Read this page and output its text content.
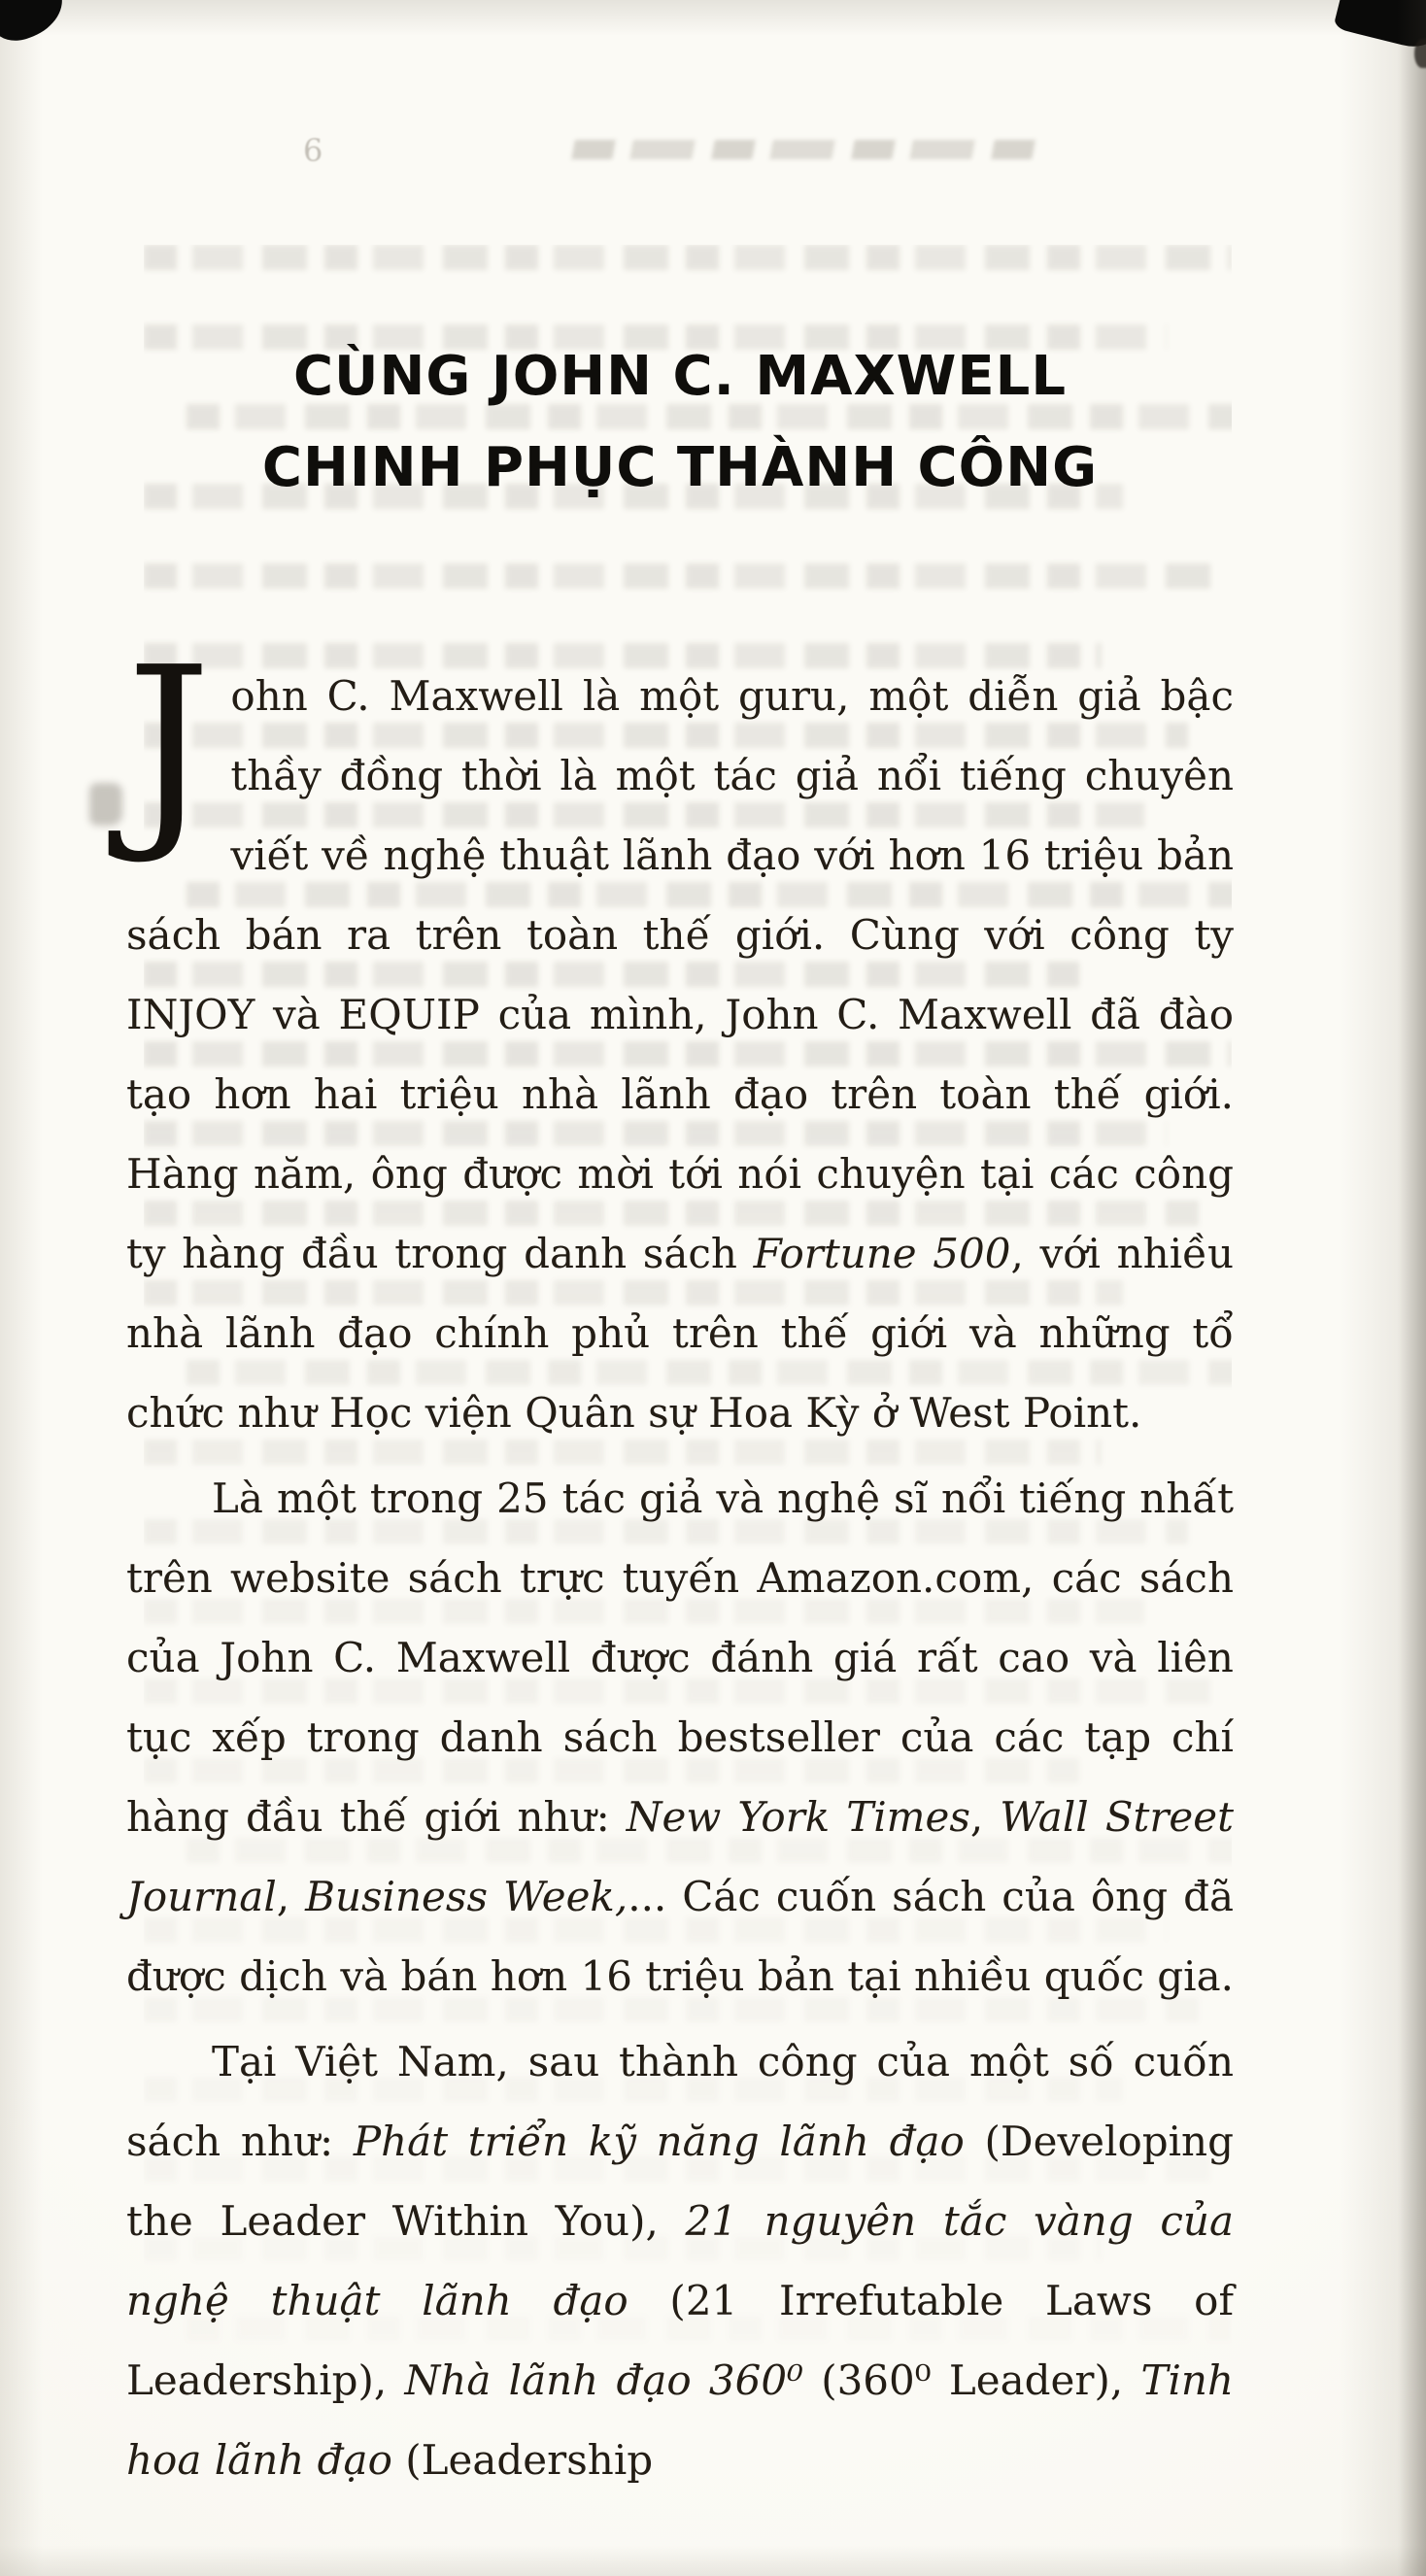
6
CÙNG JOHN C. MAXWELL
CHINH PHỤC THÀNH CÔNG

John C. Maxwell là một guru, một diễn giả bậc thầy đồng thời là một tác giả nổi tiếng chuyên viết về nghệ thuật lãnh đạo với hơn 16 triệu bản sách bán ra trên toàn thế giới. Cùng với công ty INJOY và EQUIP của mình, John C. Maxwell đã đào tạo hơn hai triệu nhà lãnh đạo trên toàn thế giới. Hàng năm, ông được mời tới nói chuyện tại các công ty hàng đầu trong danh sách Fortune 500, với nhiều nhà lãnh đạo chính phủ trên thế giới và những tổ chức như Học viện Quân sự Hoa Kỳ ở West Point.

Là một trong 25 tác giả và nghệ sĩ nổi tiếng nhất trên website sách trực tuyến Amazon.com, các sách của John C. Maxwell được đánh giá rất cao và liên tục xếp trong danh sách bestseller của các tạp chí hàng đầu thế giới như: New York Times, Wall Street Journal, Business Week,... Các cuốn sách của ông đã được dịch và bán hơn 16 triệu bản tại nhiều quốc gia.

Tại Việt Nam, sau thành công của một số cuốn sách như: Phát triển kỹ năng lãnh đạo (Developing the Leader Within You), 21 nguyên tắc vàng của nghệ thuật lãnh đạo (21 Irrefutable Laws of Leadership), Nhà lãnh đạo 360⁰ (360⁰ Leader), Tinh hoa lãnh đạo (Leadership
